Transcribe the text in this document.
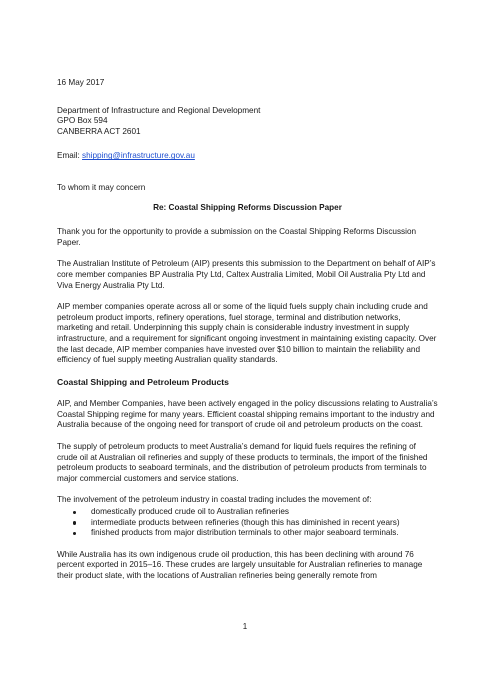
16 May 2017

Department of Infrastructure and Regional Development

GPO Box 594

CANBERRA ACT 2601

Email: shipping@infrastructure.gov.au

To whom it may concern

Re: Coastal Shipping Reforms Discussion Paper

Thank you for the opportunity to provide a submission on the Coastal Shipping Reforms Discussion Paper.

The Australian Institute of Petroleum (AIP) presents this submission to the Department on behalf of AIP’s core member companies BP Australia Pty Ltd, Caltex Australia Limited, Mobil Oil Australia Pty Ltd and Viva Energy Australia Pty Ltd.

AIP member companies operate across all or some of the liquid fuels supply chain including crude and petroleum product imports, refinery operations, fuel storage, terminal and distribution networks, marketing and retail. Underpinning this supply chain is considerable industry investment in supply infrastructure, and a requirement for significant ongoing investment in maintaining existing capacity. Over the last decade, AIP member companies have invested over $10 billion to maintain the reliability and efficiency of fuel supply meeting Australian quality standards.

Coastal Shipping and Petroleum Products

AIP, and Member Companies, have been actively engaged in the policy discussions relating to Australia’s Coastal Shipping regime for many years. Efficient coastal shipping remains important to the industry and Australia because of the ongoing need for transport of crude oil and petroleum products on the coast.

The supply of petroleum products to meet Australia’s demand for liquid fuels requires the refining of crude oil at Australian oil refineries and supply of these products to terminals, the import of the finished petroleum products to seaboard terminals, and the distribution of petroleum products from terminals to major commercial customers and service stations.

The involvement of the petroleum industry in coastal trading includes the movement of:

domestically produced crude oil to Australian refineries
intermediate products between refineries (though this has diminished in recent years)
finished products from major distribution terminals to other major seaboard terminals.

While Australia has its own indigenous crude oil production, this has been declining with around 76 percent exported in 2015–16. These crudes are largely unsuitable for Australian refineries to manage their product slate, with the locations of Australian refineries being generally remote from

1
